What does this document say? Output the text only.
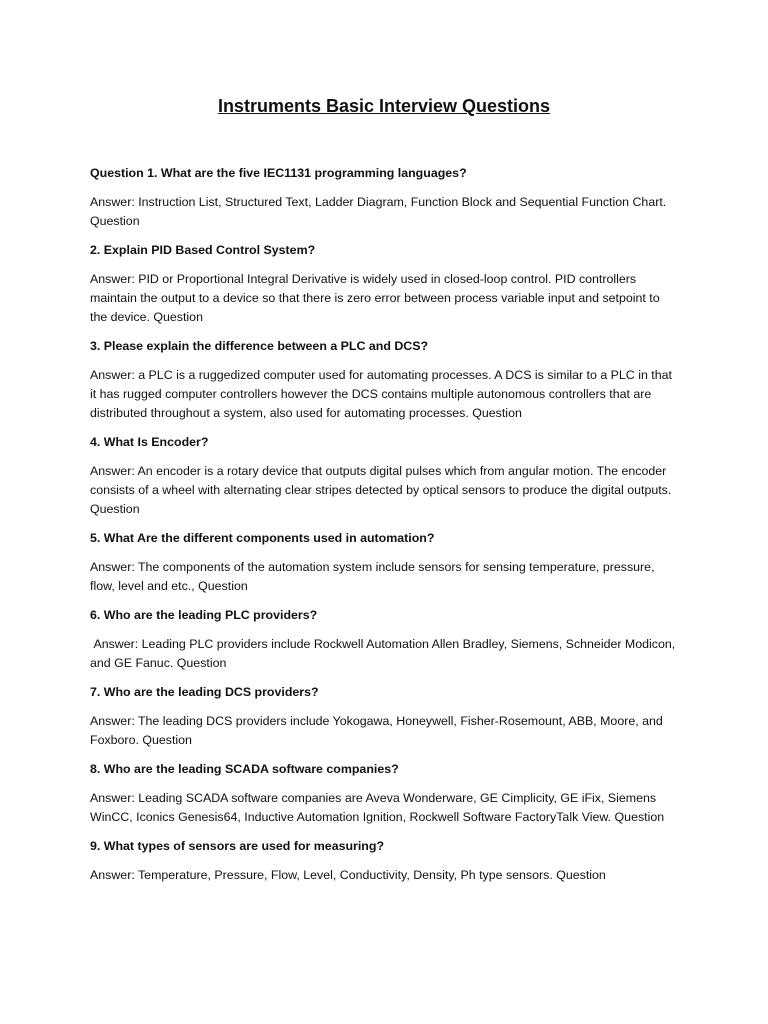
Instruments Basic Interview Questions

Question 1. What are the five IEC1131 programming languages?

Answer: Instruction List, Structured Text, Ladder Diagram, Function Block and Sequential Function Chart. Question

2. Explain PID Based Control System?

Answer: PID or Proportional Integral Derivative is widely used in closed-loop control. PID controllers maintain the output to a device so that there is zero error between process variable input and setpoint to the device. Question

3. Please explain the difference between a PLC and DCS?

Answer: a PLC is a ruggedized computer used for automating processes. A DCS is similar to a PLC in that it has rugged computer controllers however the DCS contains multiple autonomous controllers that are distributed throughout a system, also used for automating processes. Question

4. What Is Encoder?

Answer: An encoder is a rotary device that outputs digital pulses which from angular motion. The encoder consists of a wheel with alternating clear stripes detected by optical sensors to produce the digital outputs. Question

5. What Are the different components used in automation?

Answer: The components of the automation system include sensors for sensing temperature, pressure, flow, level and etc., Question

6. Who are the leading PLC providers?

Answer: Leading PLC providers include Rockwell Automation Allen Bradley, Siemens, Schneider Modicon, and GE Fanuc. Question

7. Who are the leading DCS providers?

Answer: The leading DCS providers include Yokogawa, Honeywell, Fisher-Rosemount, ABB, Moore, and Foxboro. Question

8. Who are the leading SCADA software companies?

Answer: Leading SCADA software companies are Aveva Wonderware, GE Cimplicity, GE iFix, Siemens WinCC, Iconics Genesis64, Inductive Automation Ignition, Rockwell Software FactoryTalk View. Question

9. What types of sensors are used for measuring?

Answer: Temperature, Pressure, Flow, Level, Conductivity, Density, Ph type sensors. Question
